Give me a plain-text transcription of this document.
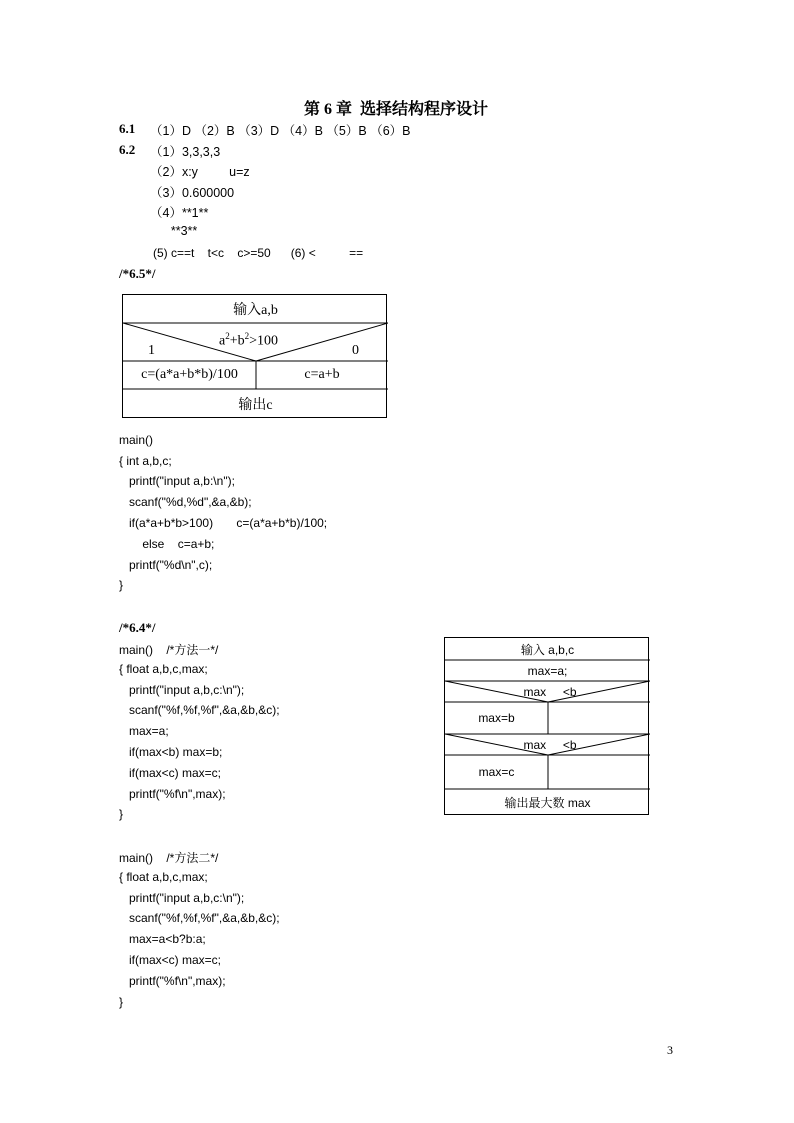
第 6 章  选择结构程序设计
6.1 （1）D （2）B （3）D （4）B （5）B （6）B
6.2 （1）3,3,3,3
（2）x:y         u=z
（3）0.600000
（4）**1**
**3**
(5) c==t    t<c    c>=50      (6) <          ==
/*6.5*/
输入a,b
$a^2+b^2>100$
1	0
c=(a*a+b*b)/100	c=a+b
输出c
main()
{ int a,b,c;
printf("input a,b:\n");
scanf("%d,%d",&a,&b);
if(a*a+b*b>100)       c=(a*a+b*b)/100;
else    c=a+b;
printf("%d\n",c);
}
/*6.4*/
main()    /*方法一*/
{ float a,b,c,max;
printf("input a,b,c:\n");
scanf("%f,%f,%f",&a,&b,&c);
max=a;
if(max<b) max=b;
if(max<c) max=c;
printf("%f\n",max);
}
输入 a,b,c
max=a;
max     <b
max=b
max     <b
max=c
输出最大数 max
main()    /*方法二*/
{ float a,b,c,max;
printf("input a,b,c:\n");
scanf("%f,%f,%f",&a,&b,&c);
max=a<b?b:a;
if(max<c) max=c;
printf("%f\n",max);
}
3
